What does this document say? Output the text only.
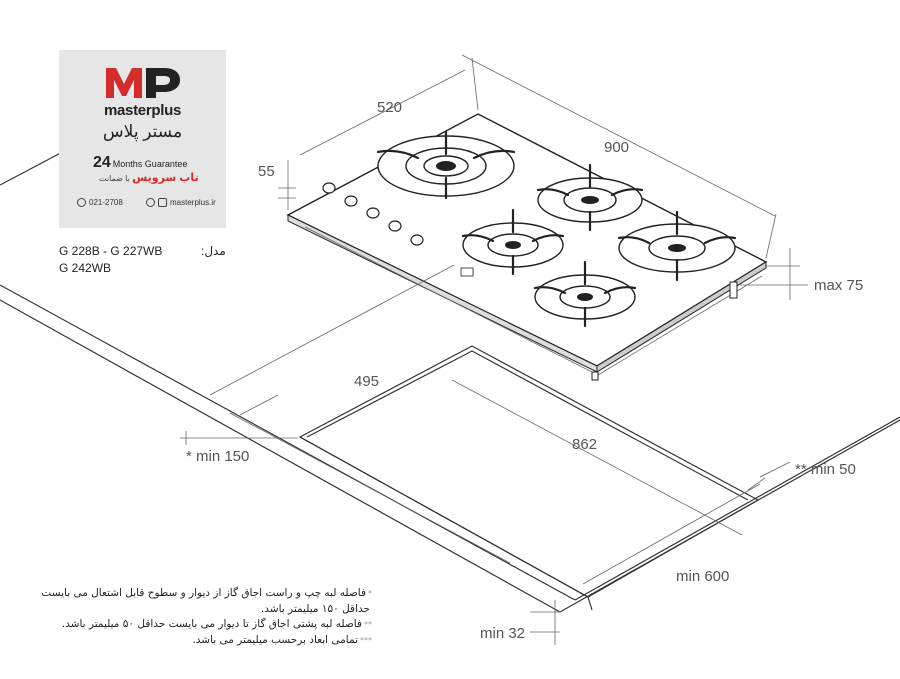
520
900
55
max 75
495
862
* min 150
** min 50
min 600
min 32
masterplus
مستر پلاس
24 Months Guarantee
تاب سرویس با ضمانت
021-2708	masterplus.ir
مدل:
G 228B - G 227WB
G 242WB
*فاصله لبه چپ و راست اجاق گاز از دیوار و سطوح قابل اشتعال می بایست
حداقل ۱۵۰ میلیمتر باشد.
**فاصله لبه پشتی اجاق گاز تا دیوار می بایست حداقل ۵۰ میلیمتر باشد.
***تمامی ابعاد برحسب میلیمتر می باشد.
